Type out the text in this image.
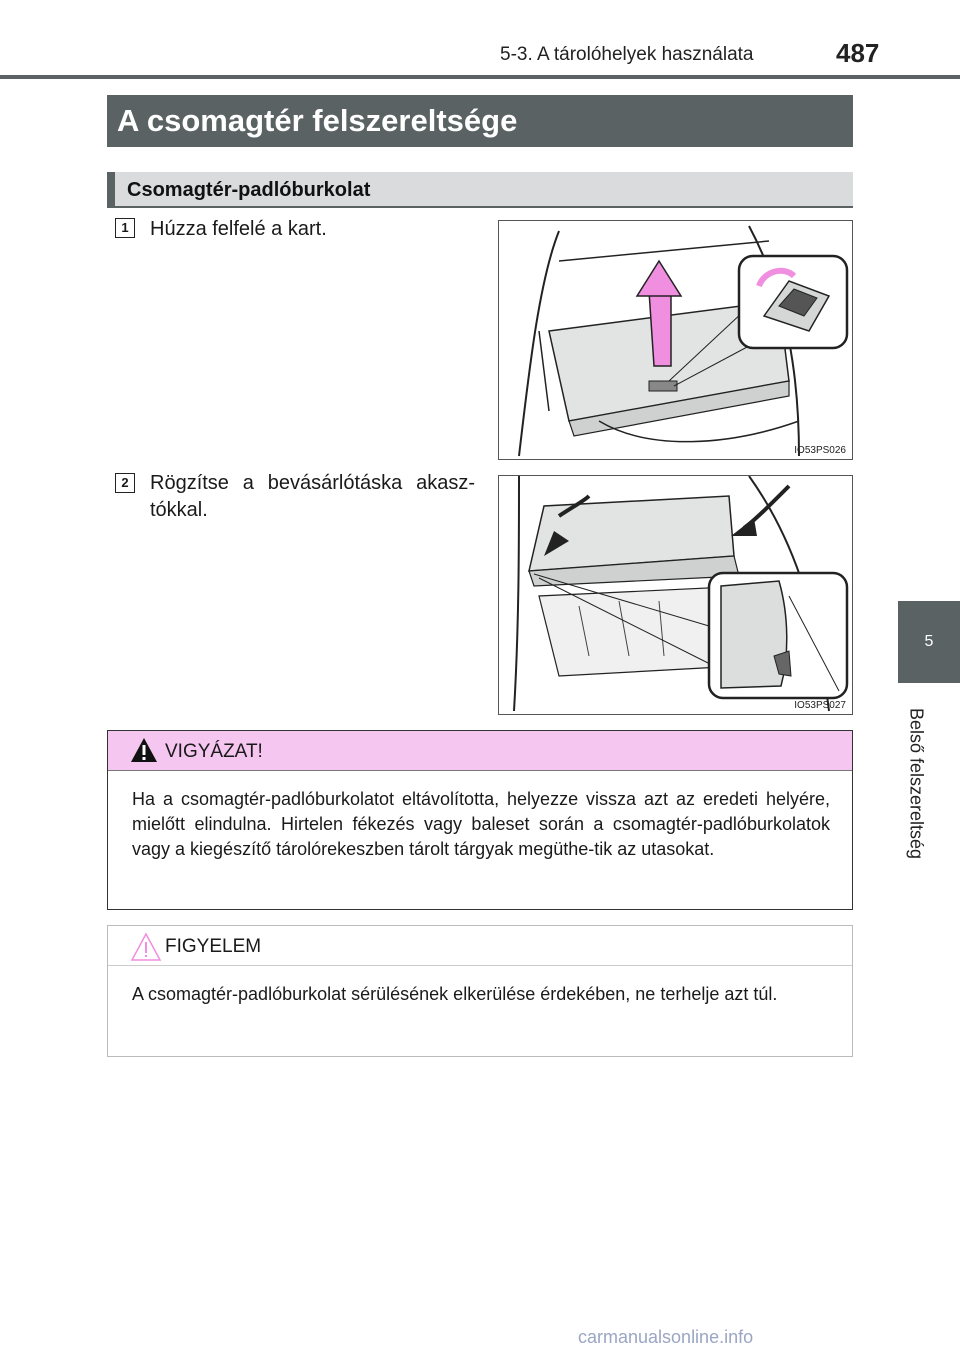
5-3. A tárolóhelyek használata	487
A csomagtér felszereltsége
Csomagtér-padlóburkolat
1	Húzza felfelé a kart.
IO53PS026
2	Rögzítse a bevásárlótáska akasz-tókkal.
IO53PS027
VIGYÁZAT!
Ha a csomagtér-padlóburkolatot eltávolította, helyezze vissza azt az eredeti helyére, mielőtt elindulna. Hirtelen fékezés vagy baleset során a csomagtér-padlóburkolatok vagy a kiegészítő tárolórekeszben tárolt tárgyak megüthe-tik az utasokat.
FIGYELEM
A csomagtér-padlóburkolat sérülésének elkerülése érdekében, ne terhelje azt túl.
5
Belső felszereltség
carmanualsonline.info
